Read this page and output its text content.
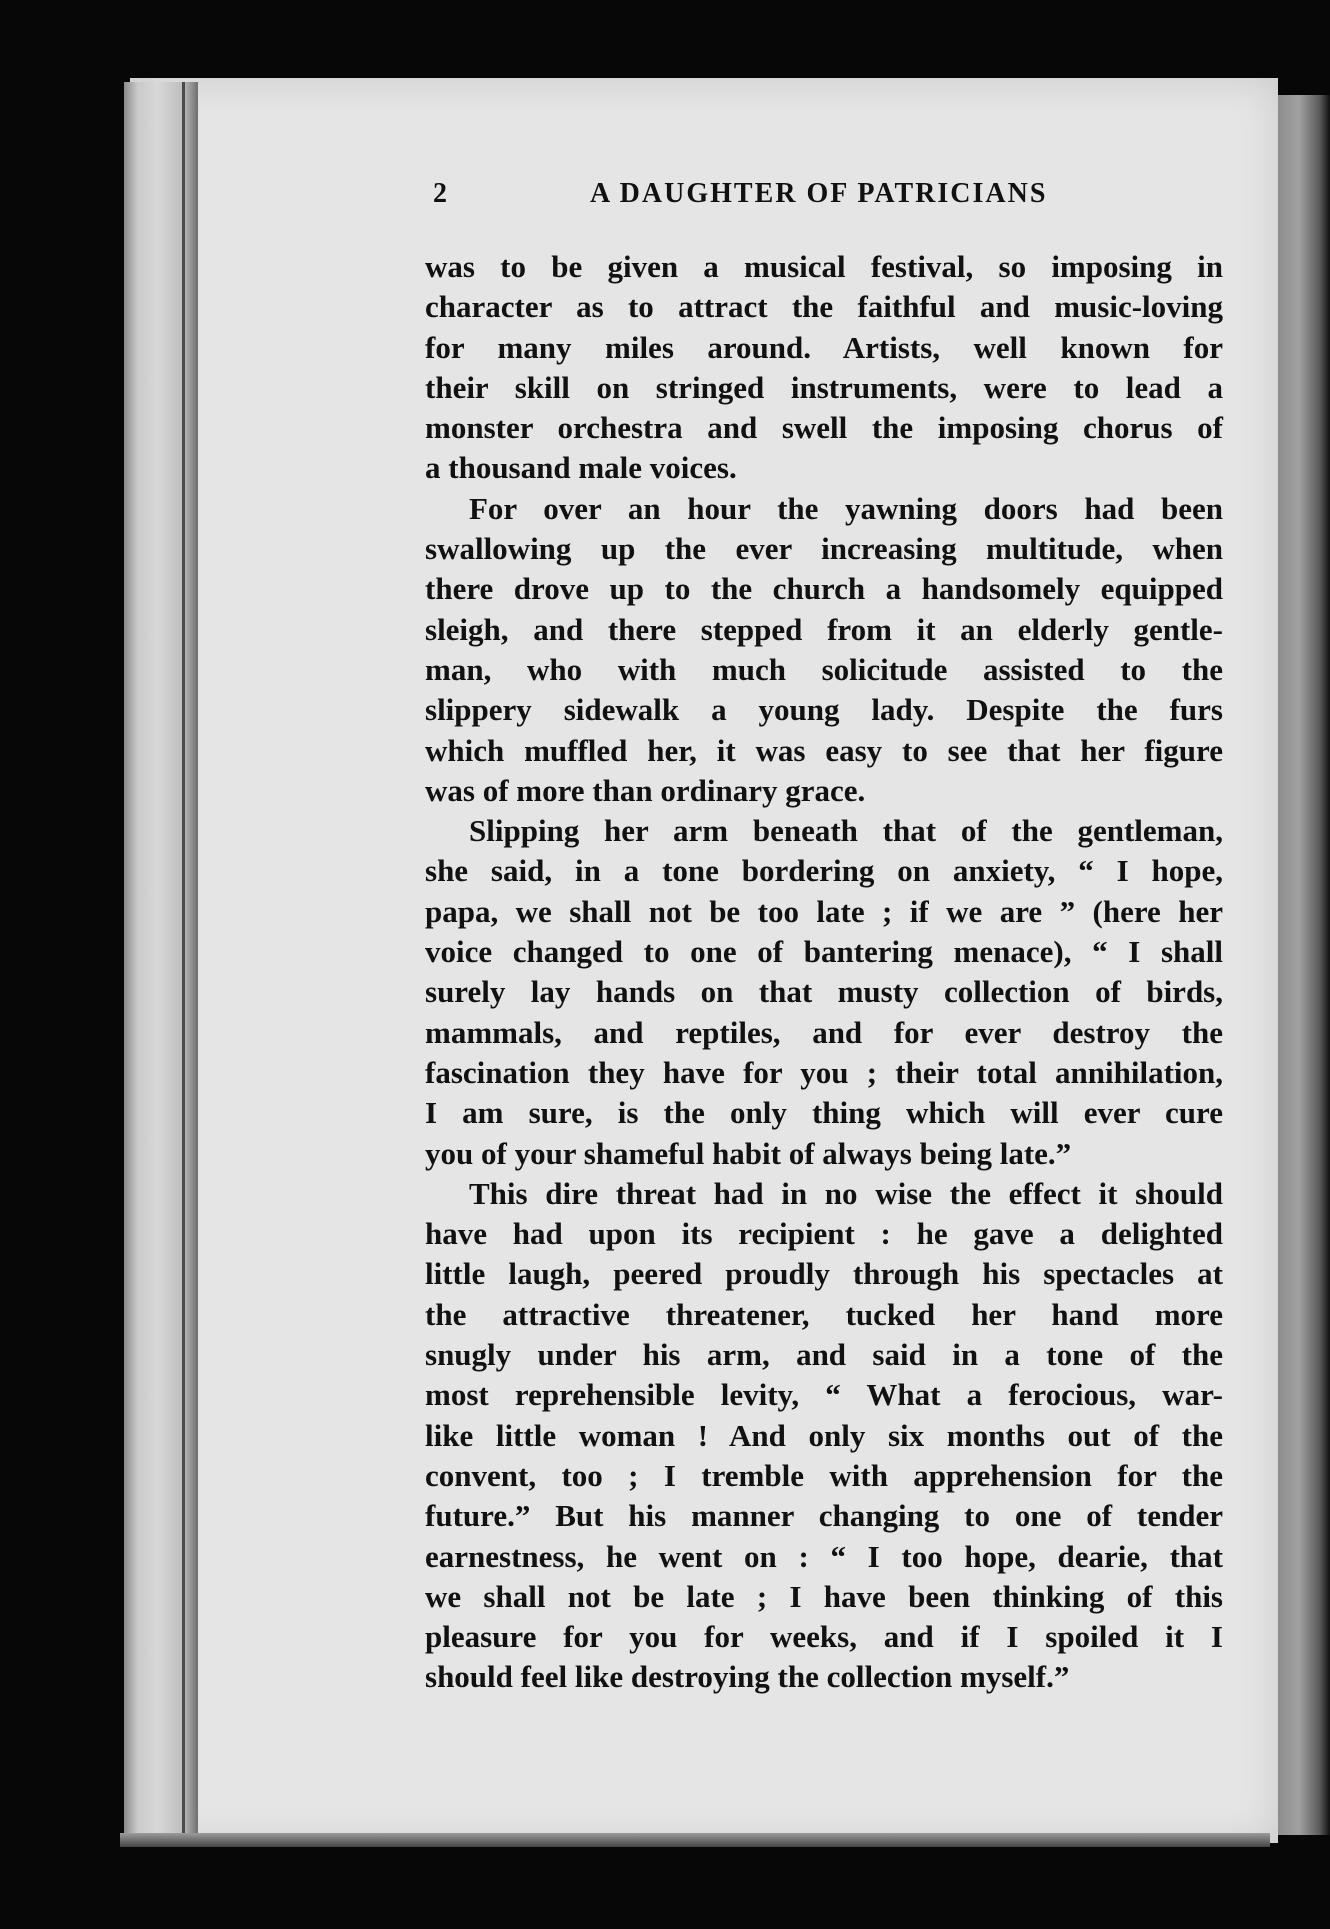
2	A DAUGHTER OF PATRICIANS
was to be given a musical festival, so imposing in
character as to attract the faithful and music-loving
for many miles around. Artists, well known for
their skill on stringed instruments, were to lead a
monster orchestra and swell the imposing chorus of
a thousand male voices.
For over an hour the yawning doors had been
swallowing up the ever increasing multitude, when
there drove up to the church a handsomely equipped
sleigh, and there stepped from it an elderly gentle-
man, who with much solicitude assisted to the
slippery sidewalk a young lady. Despite the furs
which muffled her, it was easy to see that her figure
was of more than ordinary grace.
Slipping her arm beneath that of the gentleman,
she said, in a tone bordering on anxiety, “ I hope,
papa, we shall not be too late ; if we are ” (here her
voice changed to one of bantering menace), “ I shall
surely lay hands on that musty collection of birds,
mammals, and reptiles, and for ever destroy the
fascination they have for you ; their total annihilation,
I am sure, is the only thing which will ever cure
you of your shameful habit of always being late.”
This dire threat had in no wise the effect it should
have had upon its recipient : he gave a delighted
little laugh, peered proudly through his spectacles at
the attractive threatener, tucked her hand more
snugly under his arm, and said in a tone of the
most reprehensible levity, “ What a ferocious, war-
like little woman ! And only six months out of the
convent, too ; I tremble with apprehension for the
future.” But his manner changing to one of tender
earnestness, he went on : “ I too hope, dearie, that
we shall not be late ; I have been thinking of this
pleasure for you for weeks, and if I spoiled it I
should feel like destroying the collection myself.”
